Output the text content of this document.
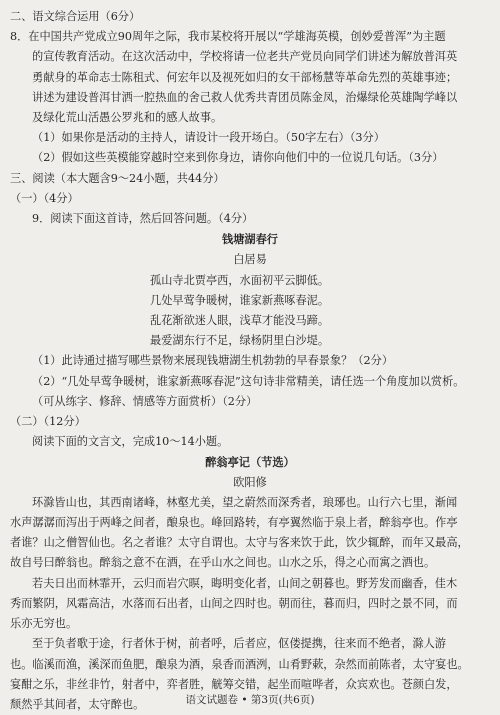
二、语文综合运用（6分）
8．在中国共产党成立90周年之际，我市某校将开展以“学雄海英模，创妙爱普浑”为主题
的宣传教育活动。在这次活动中，学校将请一位老共产党员向同学们讲述为解放普洱英
勇献身的革命志士陈租式、何宏年以及视死如归的女干部杨慧等革命先烈的英雄事迹；
讲述为建设普洱甘洒一腔热血的舍己救人优秀共青团员陈金凤，治爆绿伦英雄陶学峰以
及绿化荒山活愚公罗兆和的感人故事。
（1）如果你是活动的主持人，请设计一段开场白。（50字左右）（3分）
（2）假如这些英模能穿越时空来到你身边，请你向他们中的一位说几句话。（3分）
三、阅读（本大题含9～24小题，共44分）
（一）（4分）
9．阅读下面这首诗，然后回答问题。（4分）
钱塘湖春行
白居易
孤山寺北贾亭西，水面初平云脚低。
几处早莺争暖树，谁家新燕啄春泥。
乱花渐欲迷人眼，浅草才能没马蹄。
最爱湖东行不足，绿杨阴里白沙堤。
（1）此诗通过描写哪些景物来展现钱塘湖生机勃勃的早春景象？（2分）
（2）“几处早莺争暖树，谁家新燕啄春泥”这句诗非常精美，请任选一个角度加以赏析。
（可从练字、修辞、情感等方面赏析）（2分）
（二）（12分）
阅读下面的文言文，完成10～14小题。
醉翁亭记（节选）
欧阳修
环滁皆山也，其西南诸峰，林壑尤美，望之蔚然而深秀者，琅琊也。山行六七里，渐闻
水声潺潺而泻出于两峰之间者，酿泉也。峰回路转，有亭翼然临于泉上者，醉翁亭也。作亭
者谁？山之僧智仙也。名之者谁？太守自谓也。太守与客来饮于此，饮少辄醉，而年又最高，
故自号曰醉翁也。醉翁之意不在酒，在乎山水之间也。山水之乐，得之心而寓之酒也。
若夫日出而林霏开，云归而岩穴暝，晦明变化者，山间之朝暮也。野芳发而幽香，佳木
秀而繁阴，风霜高洁，水落而石出者，山间之四时也。朝而往，暮而归，四时之景不同，而
乐亦无穷也。
至于负者歌于途，行者休于树，前者呼，后者应，伛偻提携，往来而不绝者，滁人游
也。临溪而渔，溪深而鱼肥，酿泉为酒，泉香而酒洌，山肴野蔌，杂然而前陈者，太守宴也。
宴酣之乐，非丝非竹，射者中，弈者胜，觥筹交错，起坐而喧哗者，众宾欢也。苍颜白发，
颓然乎其间者，太守醉也。	语文试题卷 • 第3页(共6页)
